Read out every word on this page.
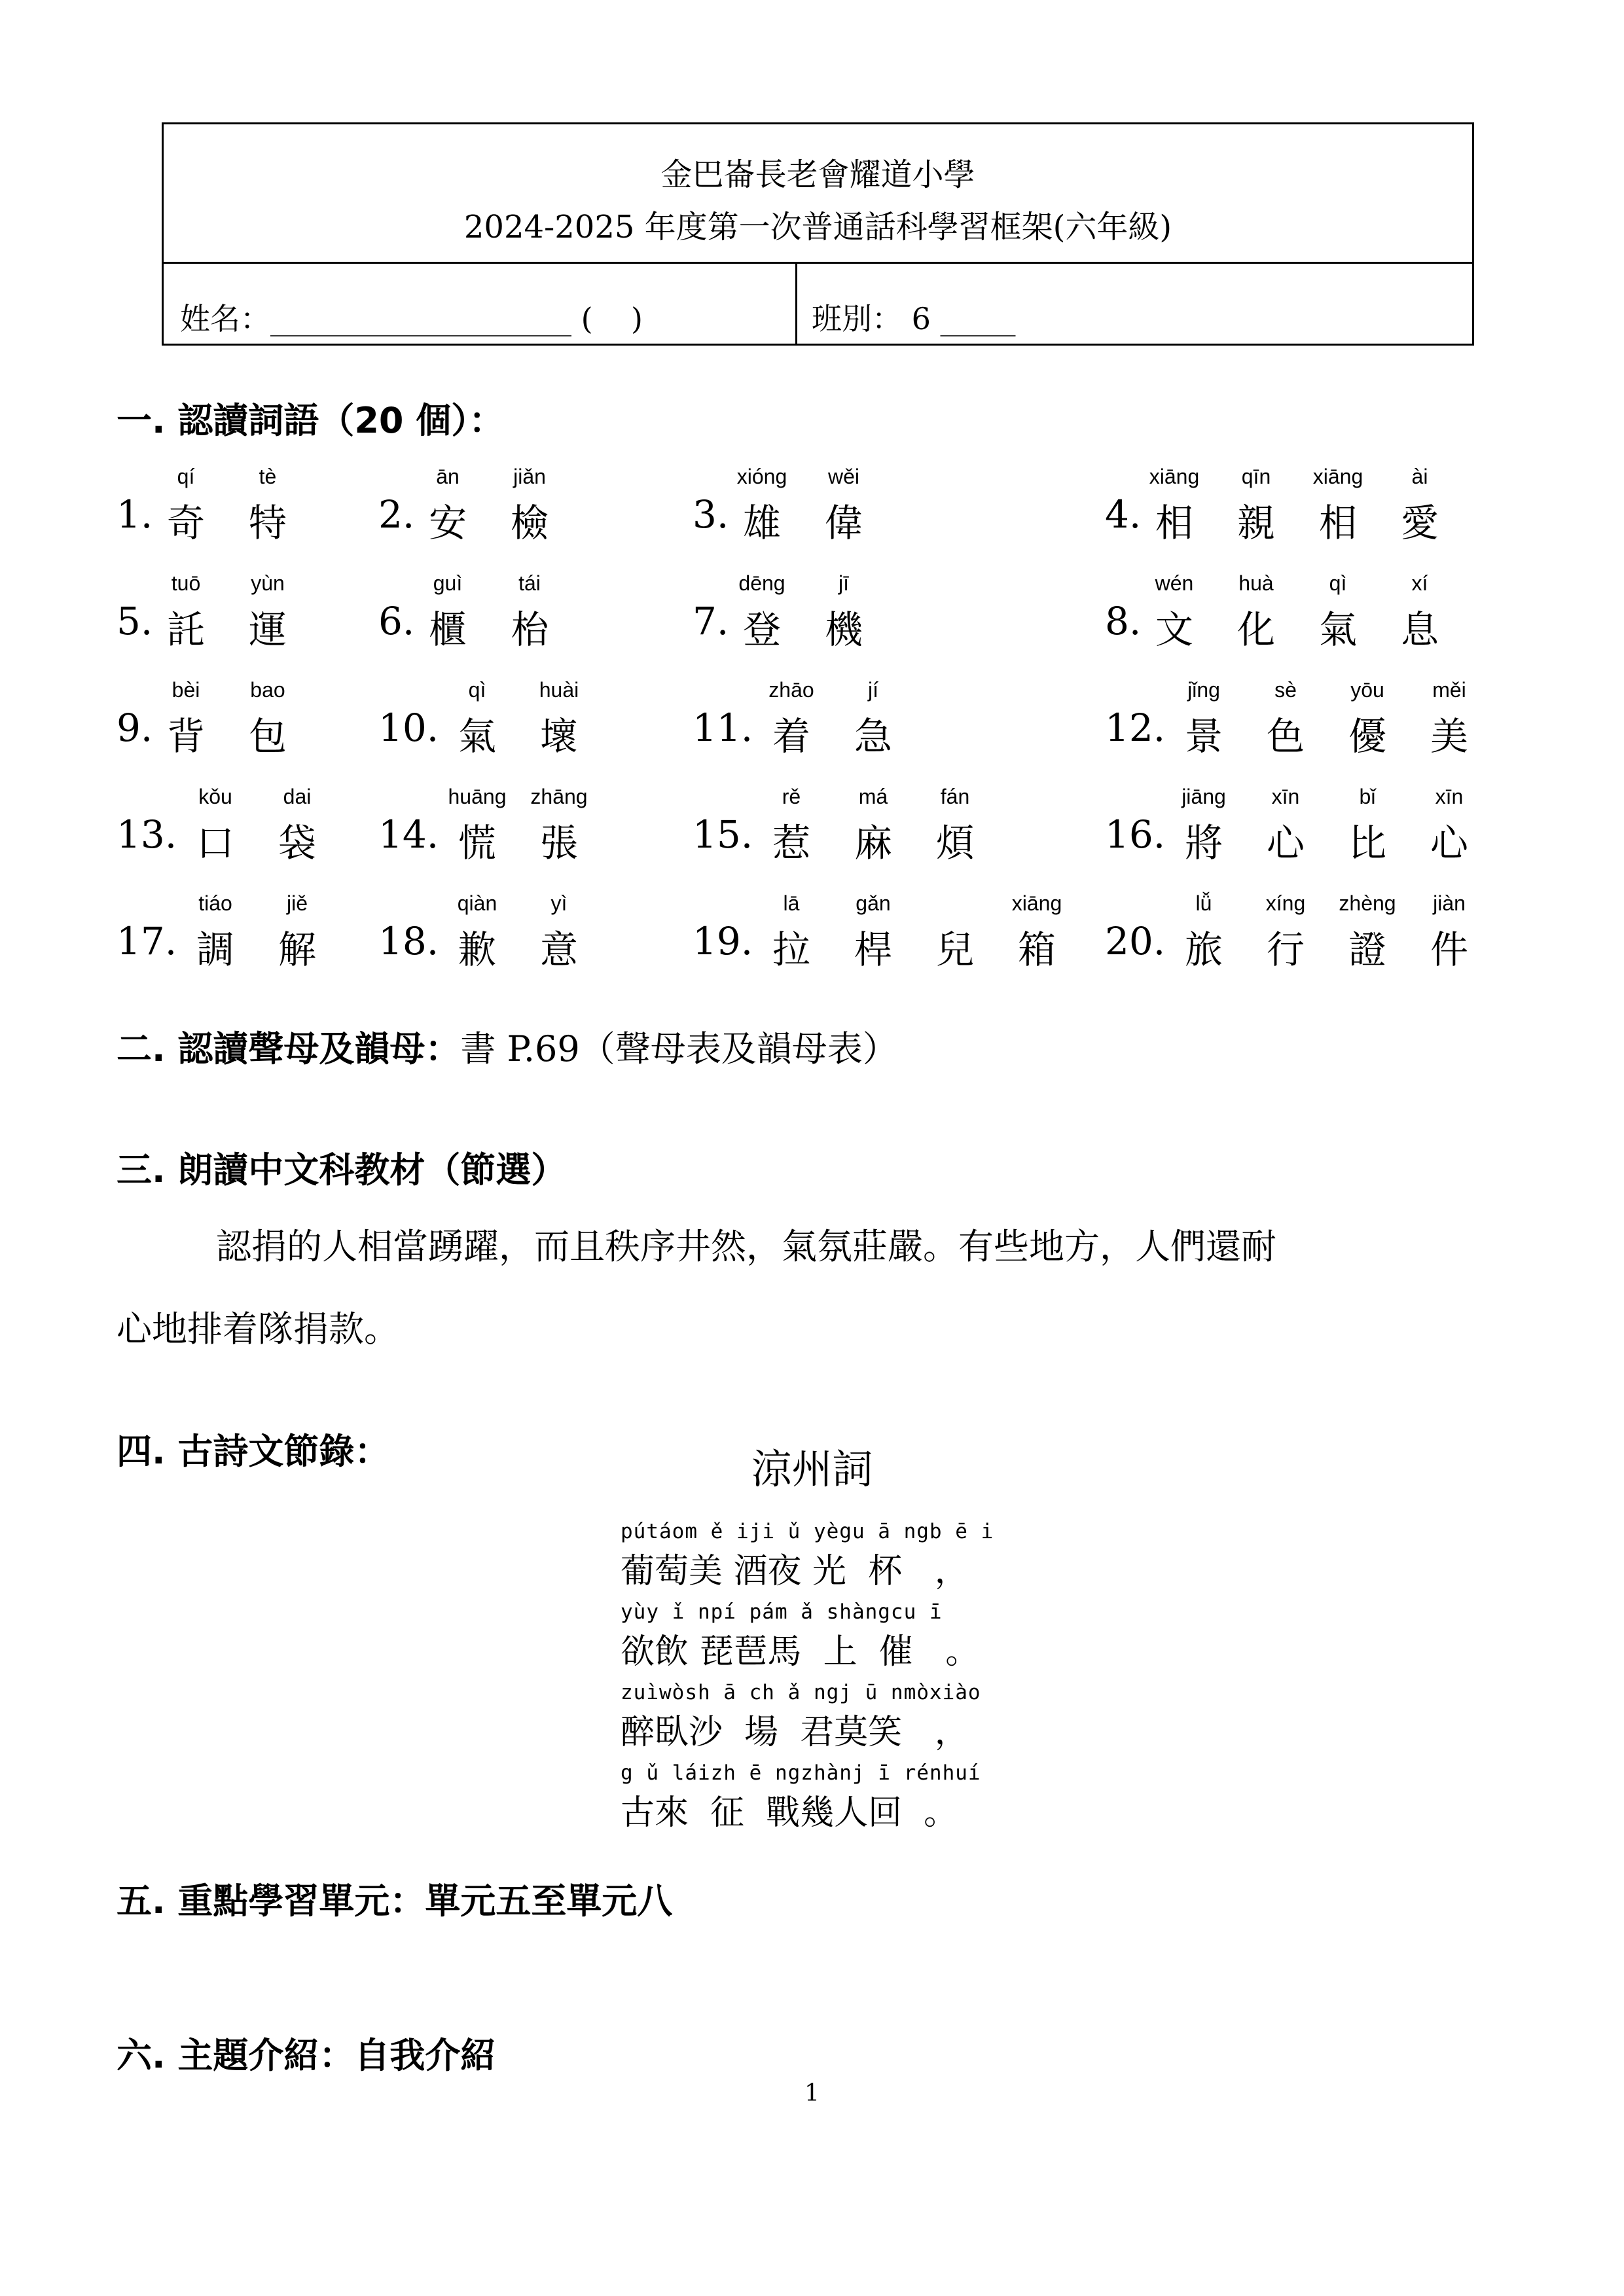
金巴崙長老會耀道小學
2024-2025 年度第一次普通話科學習框架(六年級)
姓名：____________________ (    )	班別： 6 _____
一. 認讀詞語（20 個）：
1. 奇
qí
特
tè
2. 安
ān
檢
jiǎn
3. 雄
xióng
偉
wěi
4. 相
xiāng
親
qīn
相
xiāng
愛
ài
5. 託
tuō
運
yùn
6. 櫃
guì
枱
tái
7. 登
dēng
機
jī
8. 文
wén
化
huà
氣
qì
息
xí
9. 背
bèi
包
bao
10. 氣
qì
壞
huài
11. 着
zhāo
急
jí
12. 景
jǐng
色
sè
優
yōu
美
měi
13. 口
kǒu
袋
dai
14. 慌
huāng
張
zhāng
15. 惹
rě
麻
má
煩
fán
16. 將
jiāng
心
xīn
比
bǐ
心
xīn
17. 調
tiáo
解
jiě
18. 歉
qiàn
意
yì
19. 拉
lā
桿
gǎn
兒 箱
xiāng
20. 旅
lǚ
行
xíng
證
zhèng
件
jiàn
二. 認讀聲母及韻母：書 P.69（聲母表及韻母表）
三. 朗讀中文科教材（節選）
認捐的人相當踴躍，而且秩序井然，氣氛莊嚴。有些地方，人們還耐
心地排着隊捐款。
四. 古詩文節錄：	涼州詞
pútáom ě iji ǔ yègu ā ngb ē i
葡萄美 酒夜 光  杯   ，
yùy ǐ npí pám ǎ shàngcu ī
欲飲 琵琶馬  上  催   。
zuìwòsh ā ch ǎ ngj ū nmòxiào
醉臥沙  場  君莫笑   ，
g ǔ láizh ē ngzhànj ī rénhuí
古來  征  戰幾人回  。
五. 重點學習單元：單元五至單元八
六. 主題介紹：自我介紹
1
